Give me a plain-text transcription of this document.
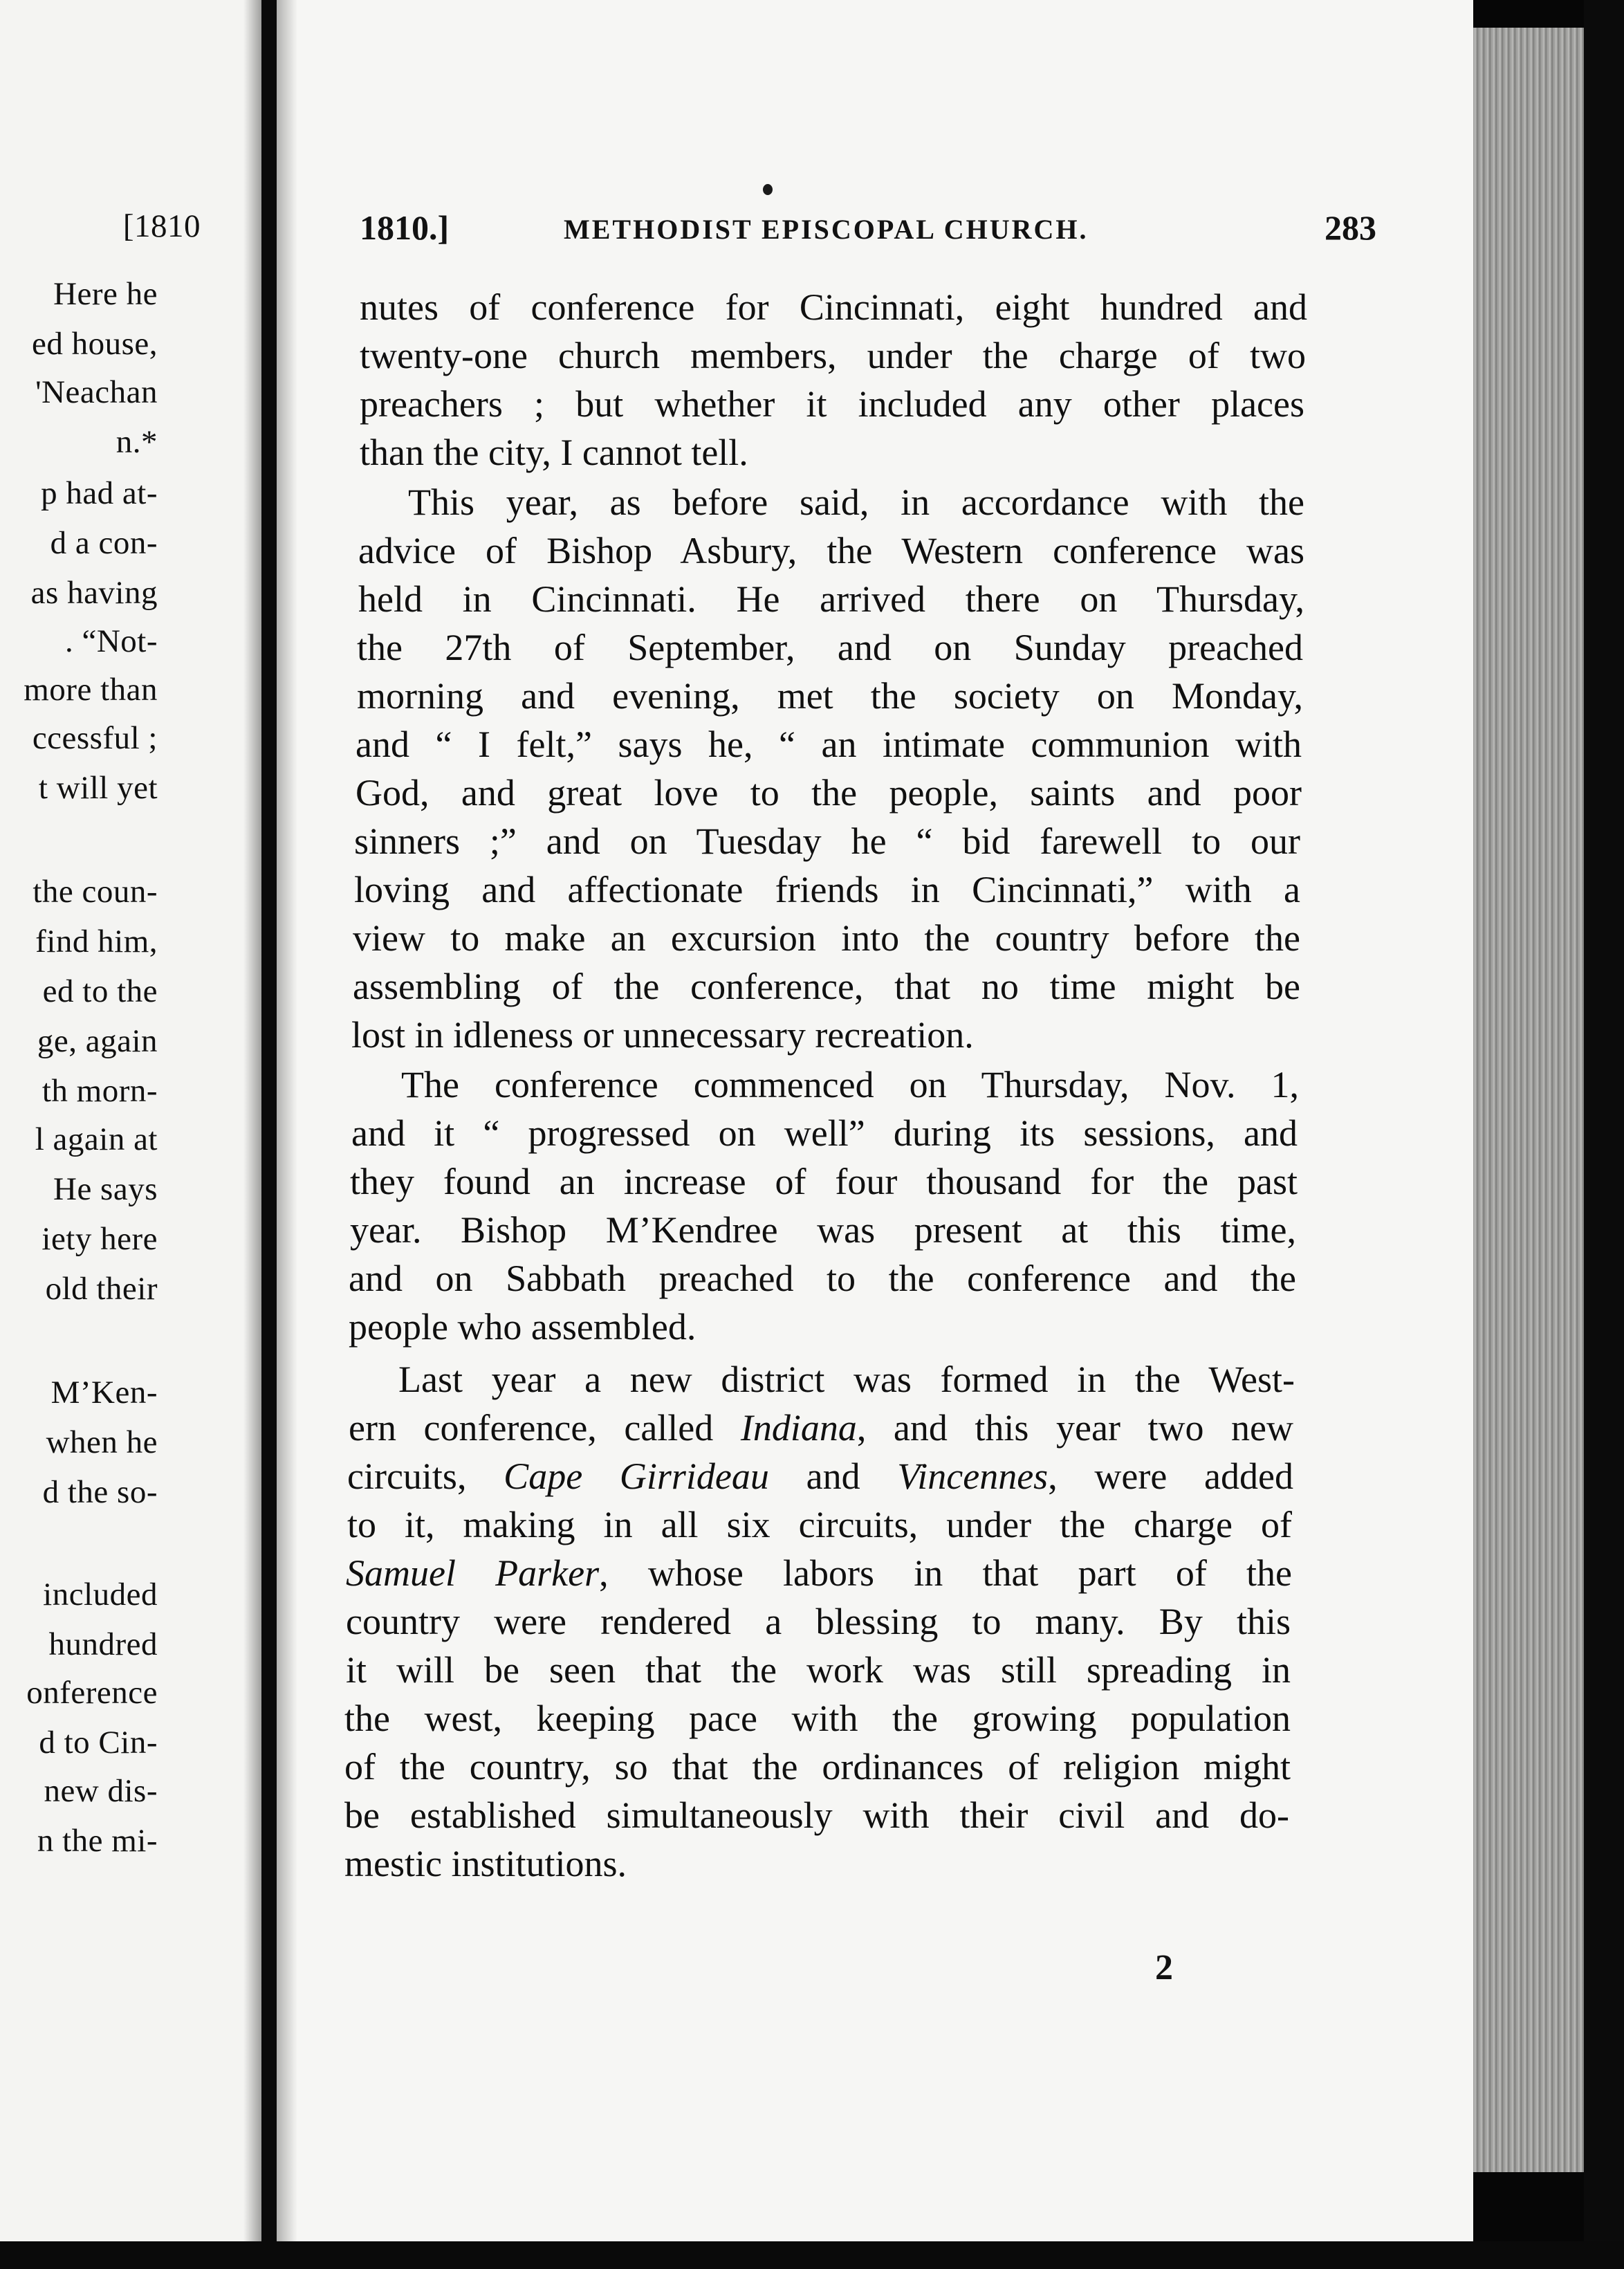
[1810
Here he
ed house,
'Neachan
n.*
p had at-
d a con-
as having
. “Not-
more than
ccessful ;
t will yet
the coun-
find him,
ed to the
ge, again
th morn-
l again at
He says
iety here
old their
M’Ken-
when he
d the so-
included
hundred
onference
d to Cin-
new dis-
n the mi-
1810.]	METHODIST EPISCOPAL CHURCH.	283
nutes of conference for Cincinnati, eight hundred and
twenty-one church members, under the charge of two
preachers ; but whether it included any other places
than the city, I cannot tell.
This year, as before said, in accordance with the
advice of Bishop Asbury, the Western conference was
held in Cincinnati. He arrived there on Thursday,
the 27th of September, and on Sunday preached
morning and evening, met the society on Monday,
and “ I felt,” says he, “ an intimate communion with
God, and great love to the people, saints and poor
sinners ;” and on Tuesday he “ bid farewell to our
loving and affectionate friends in Cincinnati,” with a
view to make an excursion into the country before the
assembling of the conference, that no time might be
lost in idleness or unnecessary recreation.
The conference commenced on Thursday, Nov. 1,
and it “ progressed on well” during its sessions, and
they found an increase of four thousand for the past
year. Bishop M’Kendree was present at this time,
and on Sabbath preached to the conference and the
people who assembled.
Last year a new district was formed in the West-
ern conference, called Indiana, and this year two new
circuits, Cape Girrideau and Vincennes, were added
to it, making in all six circuits, under the charge of
Samuel Parker, whose labors in that part of the
country were rendered a blessing to many. By this
it will be seen that the work was still spreading in
the west, keeping pace with the growing population
of the country, so that the ordinances of religion might
be established simultaneously with their civil and do-
mestic institutions.
2
